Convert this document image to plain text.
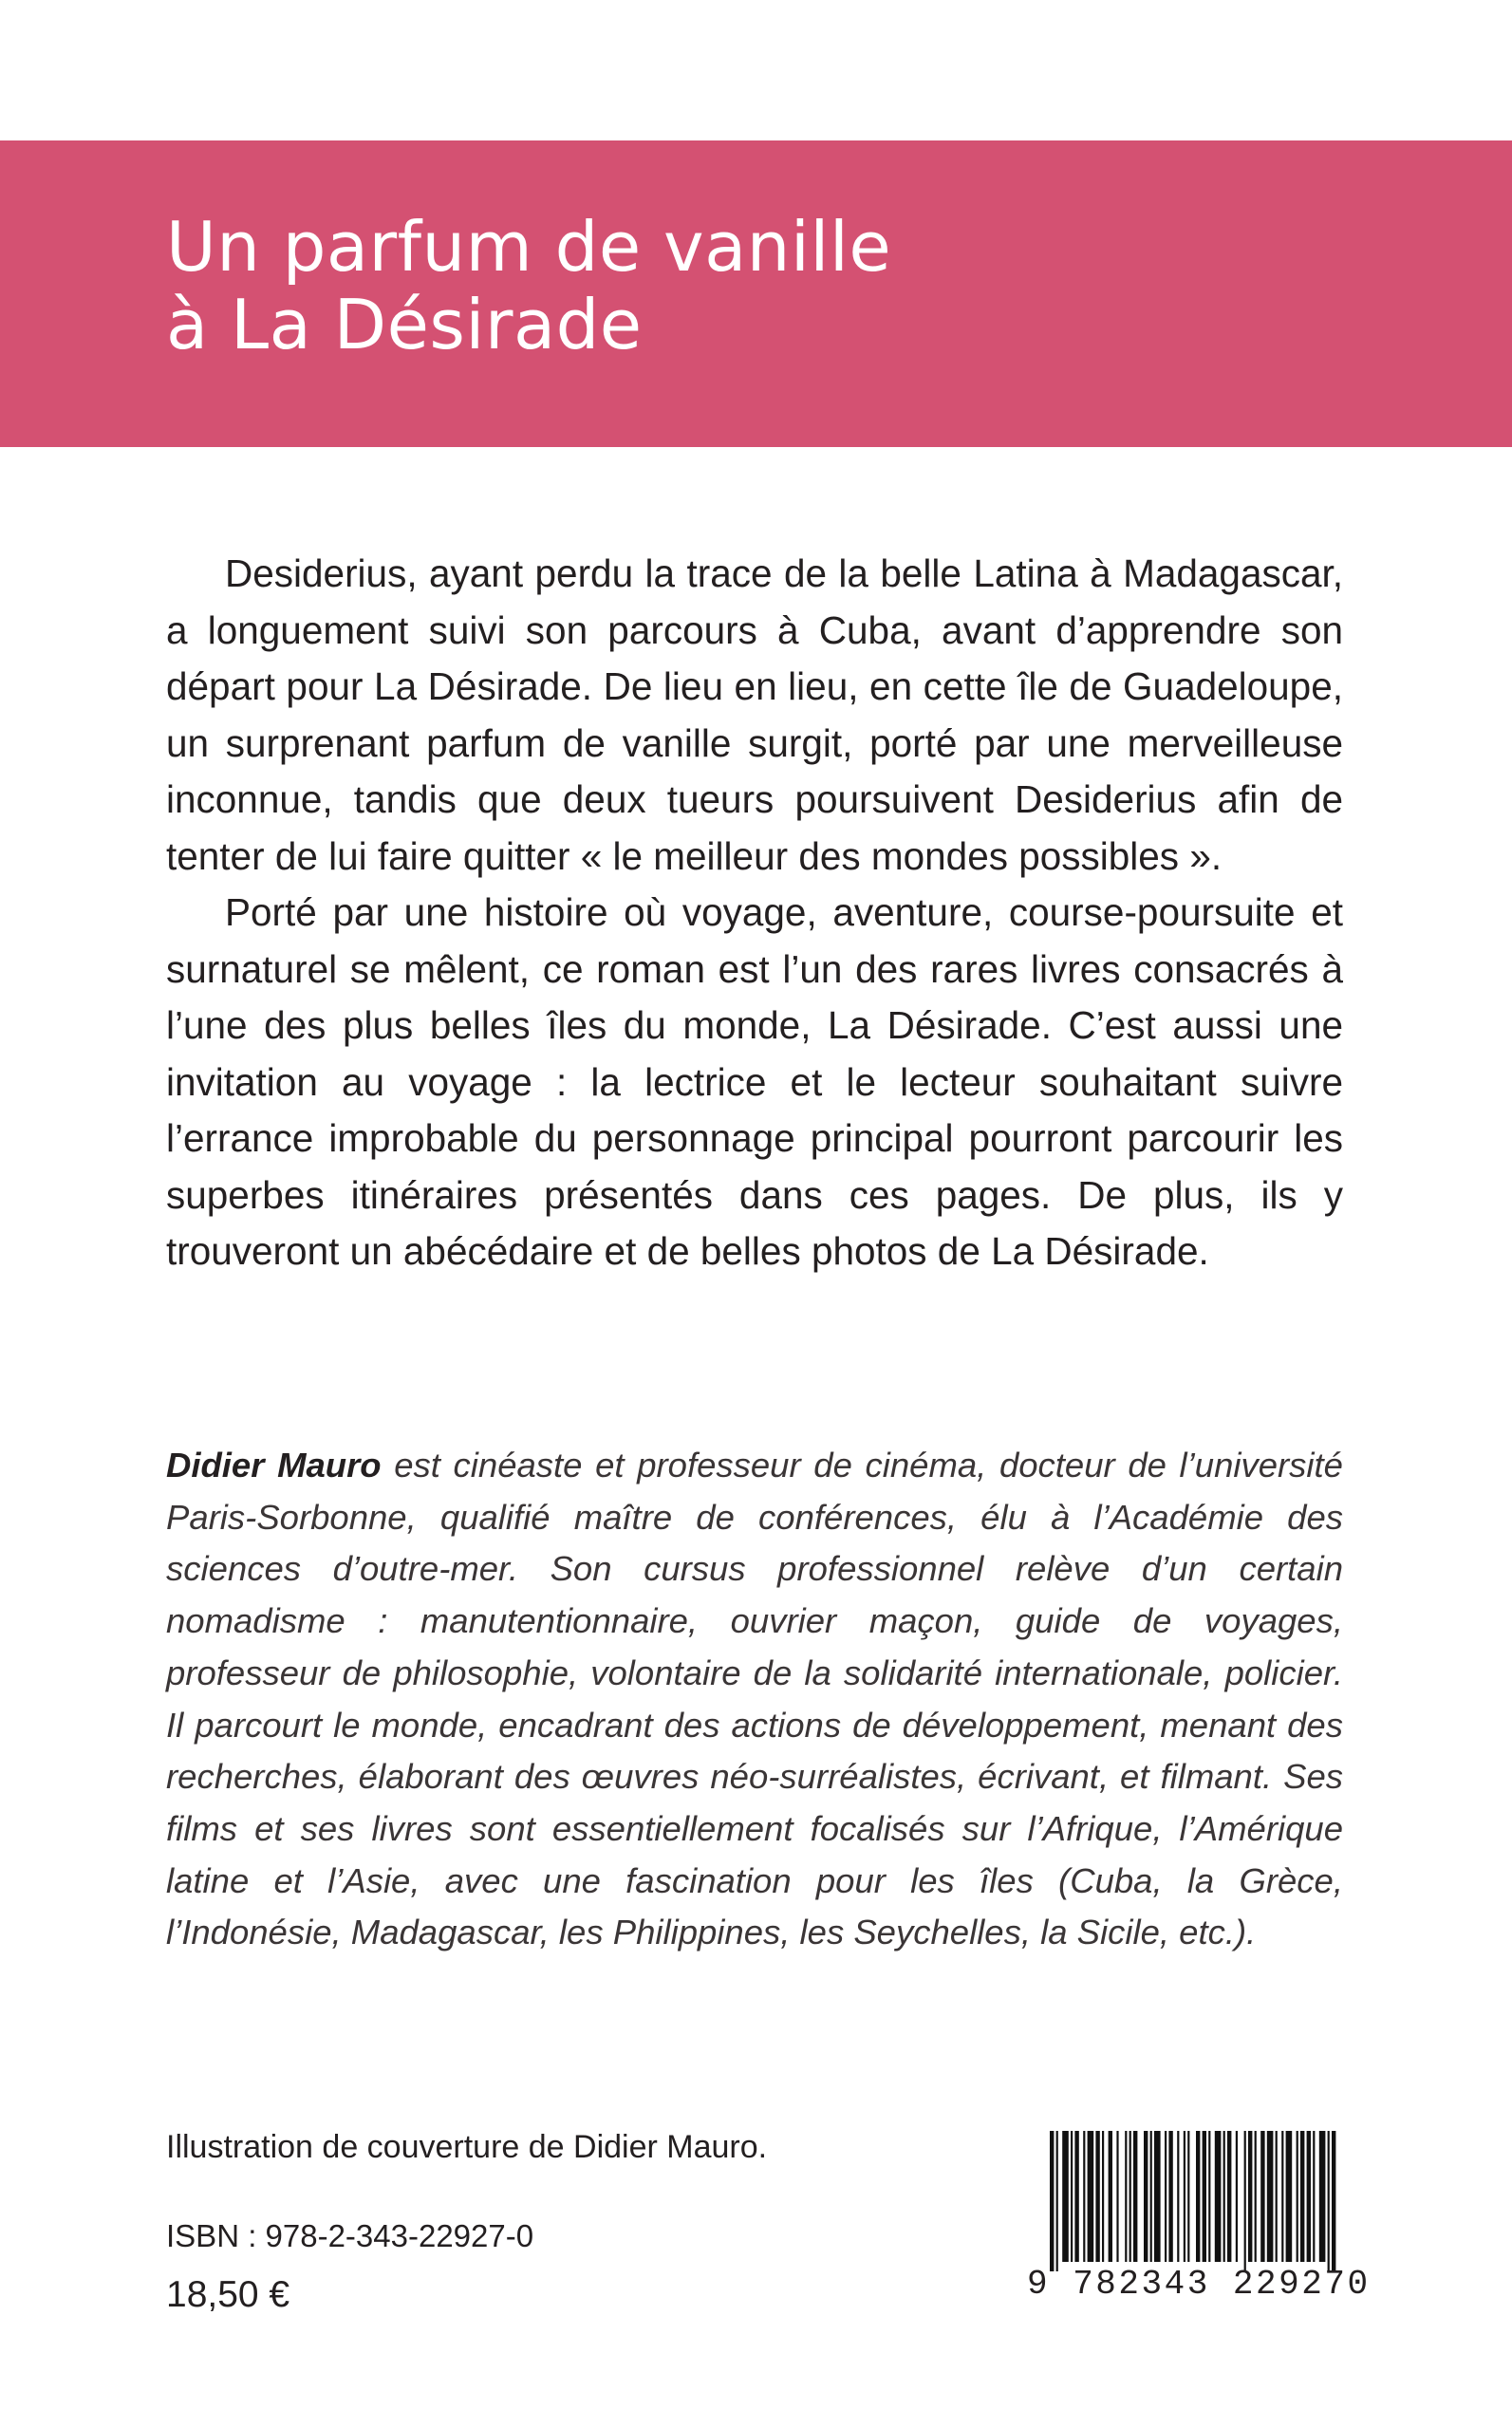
Un parfum de vanille
à La Désirade

Desiderius, ayant perdu la trace de la belle Latina à Madagascar, a longuement suivi son parcours à Cuba, avant d’apprendre son départ pour La Désirade. De lieu en lieu, en cette île de Guadeloupe, un surprenant parfum de vanille surgit, porté par une merveilleuse inconnue, tandis que deux tueurs poursuivent Desiderius afin de tenter de lui faire quitter « le meilleur des mondes possibles ».

Porté par une histoire où voyage, aventure, course-poursuite et surnaturel se mêlent, ce roman est l’un des rares livres consacrés à l’une des plus belles îles du monde, La Désirade. C’est aussi une invitation au voyage : la lectrice et le lecteur souhaitant suivre l’errance improbable du personnage principal pourront parcourir les superbes itinéraires présentés dans ces pages. De plus, ils y trouveront un abécédaire et de belles photos de La Désirade.

Didier Mauro est cinéaste et professeur de cinéma, docteur de l’université Paris-Sorbonne, qualifié maître de conférences, élu à l’Académie des sciences d’outre-mer. Son cursus professionnel relève d’un certain nomadisme : manutentionnaire, ouvrier maçon, guide de voyages, professeur de philosophie, volontaire de la solidarité internationale, policier. Il parcourt le monde, encadrant des actions de développement, menant des recherches, élaborant des œuvres néo-surréalistes, écrivant, et filmant. Ses films et ses livres sont essentiellement focalisés sur l’Afrique, l’Amérique latine et l’Asie, avec une fascination pour les îles (Cuba, la Grèce, l’Indonésie, Madagascar, les Philippines, les Seychelles, la Sicile, etc.).

Illustration de couverture de Didier Mauro.
ISBN : 978-2-343-22927-0
18,50 €	9 782343 229270
